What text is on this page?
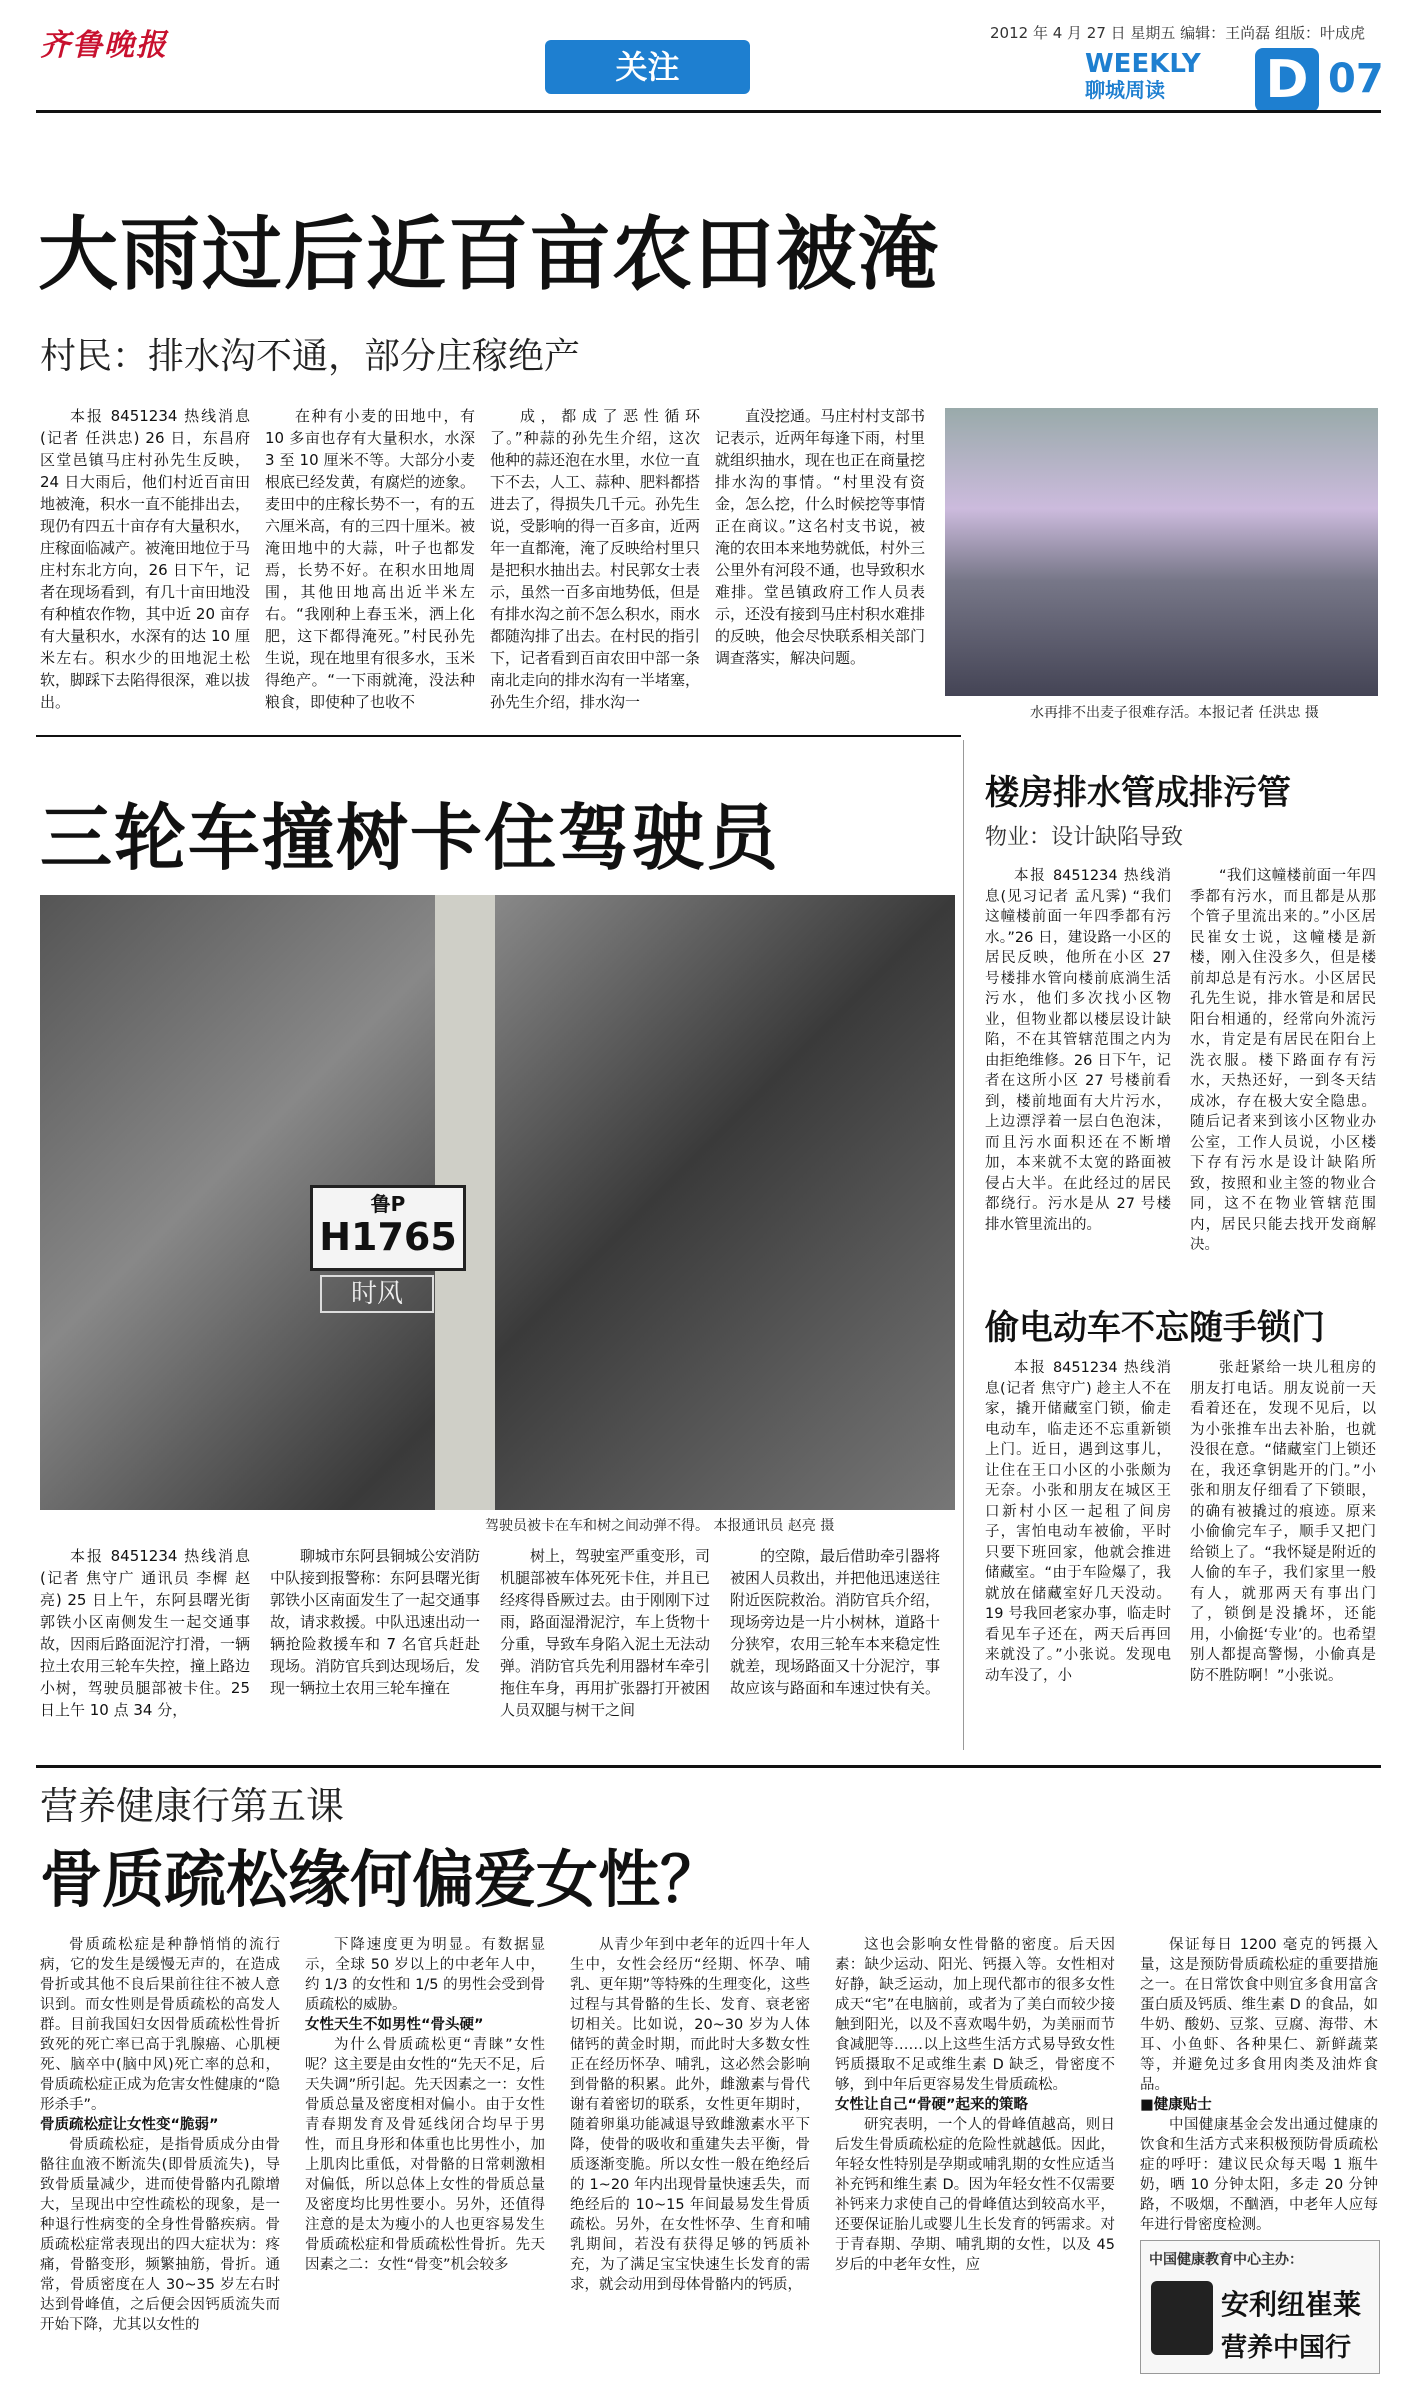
齐鲁晚报
关注
2012 年 4 月 27 日 星期五 编辑：王尚磊 组版：叶成虎
WEEKLY
聊城周读	D 07
大雨过后近百亩农田被淹
村民：排水沟不通，部分庄稼绝产

本报 8451234 热线消息(记者 任洪忠) 26 日，东昌府区堂邑镇马庄村孙先生反映，24 日大雨后，他们村近百亩田地被淹，积水一直不能排出去，现仍有四五十亩存有大量积水，庄稼面临减产。被淹田地位于马庄村东北方向，26 日下午，记者在现场看到，有几十亩田地没有种植农作物，其中近 20 亩存有大量积水，水深有的达 10 厘米左右。积水少的田地泥土松软，脚踩下去陷得很深，难以拔出。

在种有小麦的田地中，有 10 多亩也存有大量积水，水深 3 至 10 厘米不等。大部分小麦根底已经发黄，有腐烂的迹象。麦田中的庄稼长势不一，有的五六厘米高，有的三四十厘米。被淹田地中的大蒜，叶子也都发焉，长势不好。在积水田地周围，其他田地高出近半米左右。“我刚种上春玉米，洒上化肥，这下都得淹死。”村民孙先生说，现在地里有很多水，玉米得绝产。“一下雨就淹，没法种粮食，即使种了也收不

成，都成了恶性循环了。”种蒜的孙先生介绍，这次他种的蒜还泡在水里，水位一直下不去，人工、蒜种、肥料都搭进去了，得损失几千元。孙先生说，受影响的得一百多亩，近两年一直都淹，淹了反映给村里只是把积水抽出去。村民郭女士表示，虽然一百多亩地势低，但是有排水沟之前不怎么积水，雨水都随沟排了出去。在村民的指引下，记者看到百亩农田中部一条南北走向的排水沟有一半堵塞，孙先生介绍，排水沟一

直没挖通。马庄村村支部书记表示，近两年每逢下雨，村里就组织抽水，现在也正在商量挖排水沟的事情。“村里没有资金，怎么挖，什么时候挖等事情正在商议。”这名村支书说，被淹的农田本来地势就低，村外三公里外有河段不通，也导致积水难排。堂邑镇政府工作人员表示，还没有接到马庄村积水难排的反映，他会尽快联系相关部门调查落实，解决问题。

水再排不出麦子很难存活。本报记者 任洪忠 摄
三轮车撞树卡住驾驶员
鲁P
H1765
时风
驾驶员被卡在车和树之间动弹不得。 本报通讯员 赵亮 摄

本报 8451234 热线消息(记者 焦守广 通讯员 李樨 赵亮) 25 日上午，东阿县曙光街郭铁小区南侧发生一起交通事故，因雨后路面泥泞打滑，一辆拉土农用三轮车失控，撞上路边小树，驾驶员腿部被卡住。25 日上午 10 点 34 分，

聊城市东阿县铜城公安消防中队接到报警称：东阿县曙光街郭铁小区南面发生了一起交通事故，请求救援。中队迅速出动一辆抢险救援车和 7 名官兵赶赴现场。消防官兵到达现场后，发现一辆拉土农用三轮车撞在

树上，驾驶室严重变形，司机腿部被车体死死卡住，并且已经疼得昏厥过去。由于刚刚下过雨，路面湿滑泥泞，车上货物十分重，导致车身陷入泥土无法动弹。消防官兵先利用器材车牵引拖住车身，再用扩张器打开被困人员双腿与树干之间

的空隙，最后借助牵引器将被困人员救出，并把他迅速送往附近医院救治。消防官兵介绍，现场旁边是一片小树林，道路十分狭窄，农用三轮车本来稳定性就差，现场路面又十分泥泞，事故应该与路面和车速过快有关。

楼房排水管成排污管
物业：设计缺陷导致

本报 8451234 热线消息(见习记者 孟凡霁) “我们这幢楼前面一年四季都有污水。”26 日，建设路一小区的居民反映，他所在小区 27 号楼排水管向楼前底淌生活污水，他们多次找小区物业，但物业都以楼层设计缺陷，不在其管辖范围之内为由拒绝维修。26 日下午，记者在这所小区 27 号楼前看到，楼前地面有大片污水，上边漂浮着一层白色泡沫，而且污水面积还在不断增加，本来就不太宽的路面被侵占大半。在此经过的居民都绕行。污水是从 27 号楼排水管里流出的。

“我们这幢楼前面一年四季都有污水，而且都是从那个管子里流出来的。”小区居民崔女士说，这幢楼是新楼，刚入住没多久，但是楼前却总是有污水。小区居民孔先生说，排水管是和居民阳台相通的，经常向外流污水，肯定是有居民在阳台上洗衣服。楼下路面存有污水，天热还好，一到冬天结成冰，存在极大安全隐患。随后记者来到该小区物业办公室，工作人员说，小区楼下存有污水是设计缺陷所致，按照和业主签的物业合同，这不在物业管辖范围内，居民只能去找开发商解决。

偷电动车不忘随手锁门

本报 8451234 热线消息(记者 焦守广) 趁主人不在家，撬开储藏室门锁，偷走电动车，临走还不忘重新锁上门。近日，遇到这事儿，让住在王口小区的小张颇为无奈。小张和朋友在城区王口新村小区一起租了间房子，害怕电动车被偷，平时只要下班回家，他就会推进储藏室。“由于车险爆了，我就放在储藏室好几天没动。19 号我回老家办事，临走时看见车子还在，两天后再回来就没了。”小张说。发现电动车没了，小

张赶紧给一块儿租房的朋友打电话。朋友说前一天看着还在，发现不见后，以为小张推车出去补胎，也就没很在意。“储藏室门上锁还在，我还拿钥匙开的门。”小张和朋友仔细看了下锁眼，的确有被撬过的痕迹。原来小偷偷完车子，顺手又把门给锁上了。“我怀疑是附近的人偷的车子，我们家里一般有人，就那两天有事出门了，锁倒是没撬坏，还能用，小偷挺‘专业’的。也希望别人都提高警惕，小偷真是防不胜防啊！”小张说。

营养健康行第五课
骨质疏松缘何偏爱女性？

骨质疏松症是种静悄悄的流行病，它的发生是缓慢无声的，在造成骨折或其他不良后果前往往不被人意识到。而女性则是骨质疏松的高发人群。目前我国妇女因骨质疏松性骨折致死的死亡率已高于乳腺癌、心肌梗死、脑卒中(脑中风)死亡率的总和，骨质疏松症正成为危害女性健康的“隐形杀手”。

骨质疏松症让女性变“脆弱”

骨质疏松症，是指骨质成分由骨骼往血液不断流失(即骨质流失)，导致骨质量减少，进而使骨骼内孔隙增大，呈现出中空性疏松的现象，是一种退行性病变的全身性骨骼疾病。骨质疏松症常表现出的四大症状为：疼痛，骨骼变形，频繁抽筋，骨折。通常，骨质密度在人 30~35 岁左右时达到骨峰值，之后便会因钙质流失而开始下降，尤其以女性的

下降速度更为明显。有数据显示，全球 50 岁以上的中老年人中，约 1/3 的女性和 1/5 的男性会受到骨质疏松的威胁。

女性天生不如男性“骨头硬”

为什么骨质疏松更“青睐”女性呢？这主要是由女性的“先天不足，后天失调”所引起。先天因素之一：女性骨质总量及密度相对偏小。由于女性青春期发育及骨延线闭合均早于男性，而且身形和体重也比男性小，加上肌肉比重低，对骨骼的日常刺激相对偏低，所以总体上女性的骨质总量及密度均比男性要小。另外，还值得注意的是太为瘦小的人也更容易发生骨质疏松症和骨质疏松性骨折。先天因素之二：女性“骨变”机会较多

从青少年到中老年的近四十年人生中，女性会经历“经期、怀孕、哺乳、更年期”等特殊的生理变化，这些过程与其骨骼的生长、发育、衰老密切相关。比如说，20~30 岁为人体储钙的黄金时期，而此时大多数女性正在经历怀孕、哺乳，这必然会影响到骨骼的积累。此外，雌激素与骨代谢有着密切的联系，女性更年期时，随着卵巢功能减退导致雌激素水平下降，使骨的吸收和重建失去平衡，骨质逐渐变脆。所以女性一般在绝经后的 1~20 年内出现骨量快速丢失，而绝经后的 10~15 年间最易发生骨质疏松。另外，在女性怀孕、生育和哺乳期间，若没有获得足够的钙质补充，为了满足宝宝快速生长发育的需求，就会动用到母体骨骼内的钙质，

这也会影响女性骨骼的密度。后天因素：缺少运动、阳光、钙摄入等。女性相对好静，缺乏运动，加上现代都市的很多女性成天“宅”在电脑前，或者为了美白而较少接触到阳光，以及不喜欢喝牛奶，为美丽而节食减肥等……以上这些生活方式易导致女性钙质摄取不足或维生素 D 缺乏，骨密度不够，到中年后更容易发生骨质疏松。

女性让自己“骨硬”起来的策略

研究表明，一个人的骨峰值越高，则日后发生骨质疏松症的危险性就越低。因此，年轻女性特别是孕期或哺乳期的女性应适当补充钙和维生素 D。因为年轻女性不仅需要补钙来力求使自己的骨峰值达到较高水平，还要保证胎儿或婴儿生长发育的钙需求。对于青春期、孕期、哺乳期的女性，以及 45 岁后的中老年女性，应

保证每日 1200 毫克的钙摄入量，这是预防骨质疏松症的重要措施之一。在日常饮食中则宜多食用富含蛋白质及钙质、维生素 D 的食品，如牛奶、酸奶、豆浆、豆腐、海带、木耳、小鱼虾、各种果仁、新鲜蔬菜等，并避免过多食用肉类及油炸食品。

■健康贴士

中国健康基金会发出通过健康的饮食和生活方式来积极预防骨质疏松症的呼吁：建议民众每天喝 1 瓶牛奶，晒 10 分钟太阳，多走 20 分钟路，不吸烟，不酗酒，中老年人应每年进行骨密度检测。

中国健康教育中心主办：
安利纽崔莱
营养中国行
